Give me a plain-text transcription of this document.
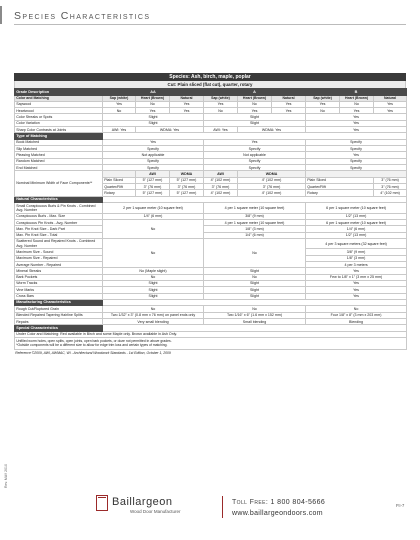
Species Characteristics
Rev. MAY 2010
Species: Ash, birch, maple, poplar
Cut: Plain sliced (flat cut), quarter, rotary
Grade Description	AA			A			B		
Color and Matching	Sap (white)	Heart (Brown)	Natural	Sap (white)	Heart (Brown)	Natural	Sap (white)	Heart (Brown)	Natural
Sapwood	Yes	No	Yes	Yes	No	Yes	Yes	No	Yes
Heartwood	No	Yes	Yes	No	Yes	Yes	No	Yes	Yes
Color Streaks or Spots	Slight			Slight			Yes		
Color Variation	Slight			Slight			Yes		
Sharp Color Contrasts at Joints	AWI: Yes	WDMA: Yes		AWI: Yes	WDMA: Yes		Yes		
Type of Matching									
Book Matched	Yes			Yes			Specify		
Slip Matched	Specify			Specify			Specify		
Pleasing Matched	Not applicable			Not applicable			Yes		
Random Matched	Specify			Specify			Specify		
End Matched	Specify			Specify			Specify		
Nominal Minimum Width of Face Components**		AWI	WDMA	AWI	WDMA				
	Plain Sliced	5" (127 mm)	5" (127 mm)	4" (102 mm)	4" (102 mm)		Plain Sliced		3" (76 mm)
	Quarter/Rift	3" (76 mm)	3" (76 mm)	3" (76 mm)	3" (76 mm)		Quarter/Rift		3" (76 mm)
	Rotary	5" (127 mm)	5" (127 mm)	4" (102 mm)	4" (102 mm)		Rotary		4" (102 mm)
Natural Characteristics									
Small Conspicuous Burls & Pin Knots - Combined Avg. Number	2 per 1 square meter (10 square feet)			4 per 1 square meter (10 square feet)			6 per 1 square meter (10 square feet)		
Conspicuous Burls - Max. Size	1/4" (6 mm)			3/8" (9 mm)			1/2" (13 mm)		
Conspicuous Pin Knots - Avg. Number	No			4 per 1 square meter (10 square feet)			6 per 1 square meter (10 square feet)		
Max. Pin Knot Size - Dark Part				1/8" (3 mm)			1/4" (6 mm)		
Max. Pin Knot Size - Total				1/4" (6 mm)			1/2" (13 mm)		
Scattered Sound and Repaired Knots - Combined Avg. Number	No			No			4 per 3 square meters (32 square feet)		
Maximum Size - Sound							3/8" (9 mm)		
Maximum Size - Repaired							1/8" (3 mm)		
Average Number - Repaired							4 per 3 meters		
Mineral Streaks	No (Maple slight)			Slight			Yes		
Bark Pockets	No			No			Few to 1/8" x 1" (3 mm x 25 mm)		
Worm Tracks	Slight			Slight			Yes		
Vine Marks	Slight			Slight			Yes		
Cross Bars	Slight			Slight			Yes		
Manufacturing Characteristics									
Rough Cut/Ruptured Grain	No			No			No		
Blended Repaired Tapering Hairline Splits	Two 1/32" x 3" (0.8 mm x 76 mm) on panel ends only			Two 1/16" x 6" (1.6 mm x 152 mm)			Four 1/8" x 8" (3 mm x 203 mm)		
Repairs	Very small blending			Small blending			Blending		
Special Characteristics									
Under Color and Matching: Red available in Birch and some Maple only. Brown available in Ash Only.									

Unfilled worm holes, open splits, open joints, open bark pockets, or doze not permitted in above grades.
*Outside components will be a different size to allow for edge trim loss and certain types of matching.									
Reference ©2009, AWI, AWMAC, WI - Architectural Woodwork Standards - 1st Edition, October 1, 2009
Baillargeon
Wood Door Manufacturer
Toll Free: 1 800 804-5666
www.baillargeondoors.com
P.I-7
